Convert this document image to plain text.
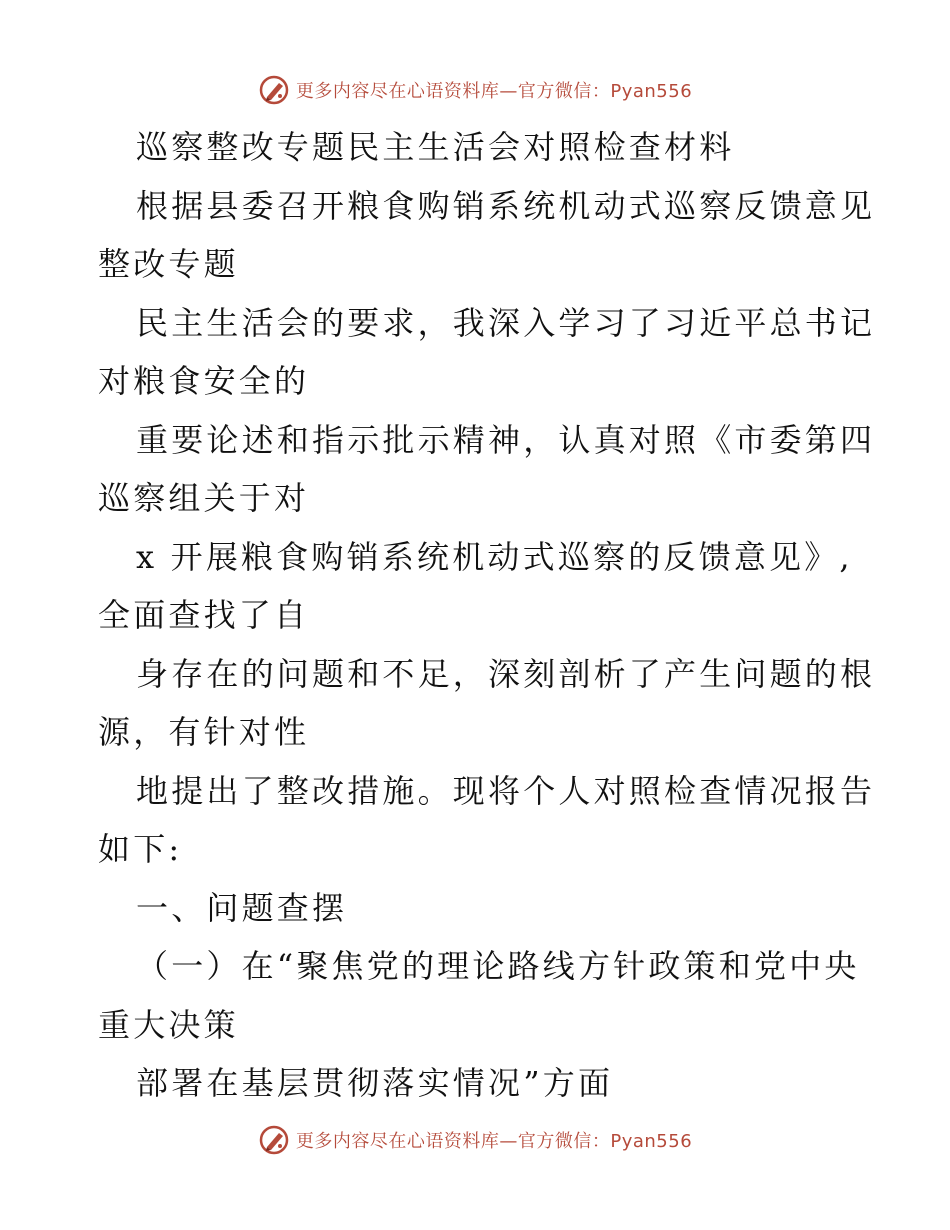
更多内容尽在心语资料库—官方微信：Pyan556
巡察整改专题民主生活会对照检查材料
根据县委召开粮食购销系统机动式巡察反馈意见
整改专题
民主生活会的要求，我深入学习了习近平总书记
对粮食安全的
重要论述和指示批示精神，认真对照《市委第四
巡察组关于对
x 开展粮食购销系统机动式巡察的反馈意见》,
全面查找了自
身存在的问题和不足，深刻剖析了产生问题的根
源，有针对性
地提出了整改措施。现将个人对照检查情况报告
如下:
一、问题查摆
（一）在“聚焦党的理论路线方针政策和党中央
重大决策
部署在基层贯彻落实情况”方面
更多内容尽在心语资料库—官方微信：Pyan556
